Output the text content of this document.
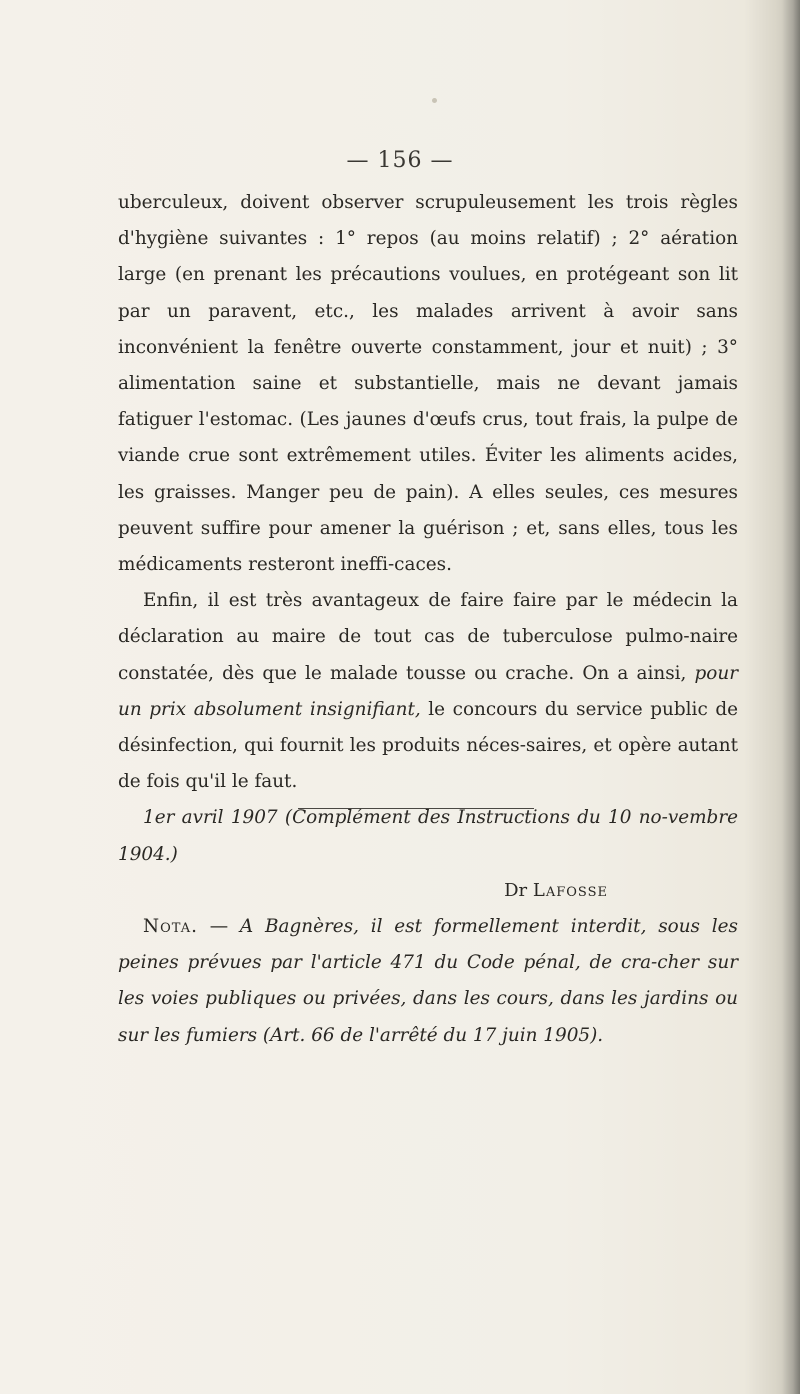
— 156 —

uberculeux, doivent observer scrupuleusement les trois règles d'hygiène suivantes : 1° repos (au moins relatif) ; 2° aération large (en prenant les précautions voulues, en protégeant son lit par un paravent, etc., les malades arrivent à avoir sans inconvénient la fenêtre ouverte constamment, jour et nuit) ; 3° alimentation saine et substantielle, mais ne devant jamais fatiguer l'estomac. (Les jaunes d'œufs crus, tout frais, la pulpe de viande crue sont extrêmement utiles. Éviter les aliments acides, les graisses. Manger peu de pain). A elles seules, ces mesures peuvent suffire pour amener la guérison ; et, sans elles, tous les médicaments resteront ineffi-caces.

Enfin, il est très avantageux de faire faire par le médecin la déclaration au maire de tout cas de tuberculose pulmo-naire constatée, dès que le malade tousse ou crache. On a ainsi, pour un prix absolument insignifiant, le concours du service public de désinfection, qui fournit les produits néces-saires, et opère autant de fois qu'il le faut.

1er avril 1907 (Complément des Instructions du 10 no-vembre 1904.)

Dr Lafosse

Nota. — A Bagnères, il est formellement interdit, sous les peines prévues par l'article 471 du Code pénal, de cra-cher sur les voies publiques ou privées, dans les cours, dans les jardins ou sur les fumiers (Art. 66 de l'arrêté du 17 juin 1905).
